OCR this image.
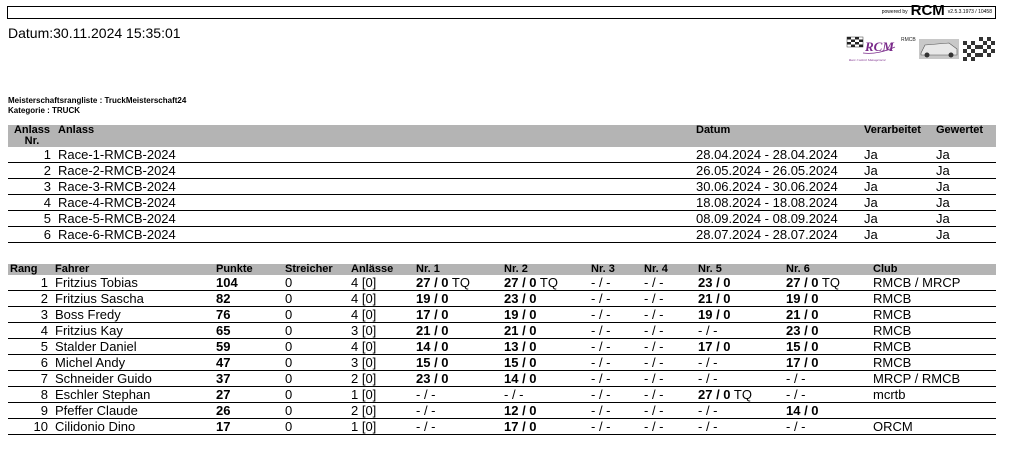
powered by RCM v2.5.3.1973 / 10458
Datum:30.11.2024 15:35:01
RCM
Race Control Management
RMCB
Meisterschaftsrangliste : TruckMeisterschaft24
Kategorie : TRUCK
Anlass Nr.	Anlass	Datum	Verarbeitet	Gewertet
1	Race-1-RMCB-2024	28.04.2024 - 28.04.2024	Ja	Ja
2	Race-2-RMCB-2024	26.05.2024 - 26.05.2024	Ja	Ja
3	Race-3-RMCB-2024	30.06.2024 - 30.06.2024	Ja	Ja
4	Race-4-RMCB-2024	18.08.2024 - 18.08.2024	Ja	Ja
5	Race-5-RMCB-2024	08.09.2024 - 08.09.2024	Ja	Ja
6	Race-6-RMCB-2024	28.07.2024 - 28.07.2024	Ja	Ja
Rang	Fahrer	Punkte	Streicher	Anlässe	Nr. 1	Nr. 2	Nr. 3	Nr. 4	Nr. 5	Nr. 6	Club
1	Fritzius Tobias	104	0	4 [0]	27 / 0 TQ	27 / 0 TQ	- / -	- / -	23 / 0	27 / 0 TQ	RMCB / MRCP
2	Fritzius Sascha	82	0	4 [0]	19 / 0	23 / 0	- / -	- / -	21 / 0	19 / 0	RMCB
3	Boss Fredy	76	0	4 [0]	17 / 0	19 / 0	- / -	- / -	19 / 0	21 / 0	RMCB
4	Fritzius Kay	65	0	3 [0]	21 / 0	21 / 0	- / -	- / -	- / -	23 / 0	RMCB
5	Stalder Daniel	59	0	4 [0]	14 / 0	13 / 0	- / -	- / -	17 / 0	15 / 0	RMCB
6	Michel Andy	47	0	3 [0]	15 / 0	15 / 0	- / -	- / -	- / -	17 / 0	RMCB
7	Schneider Guido	37	0	2 [0]	23 / 0	14 / 0	- / -	- / -	- / -	- / -	MRCP / RMCB
8	Eschler Stephan	27	0	1 [0]	- / -	- / -	- / -	- / -	27 / 0 TQ	- / -	mcrtb
9	Pfeffer Claude	26	0	2 [0]	- / -	12 / 0	- / -	- / -	- / -	14 / 0	
10	Cilidonio Dino	17	0	1 [0]	- / -	17 / 0	- / -	- / -	- / -	- / -	ORCM
